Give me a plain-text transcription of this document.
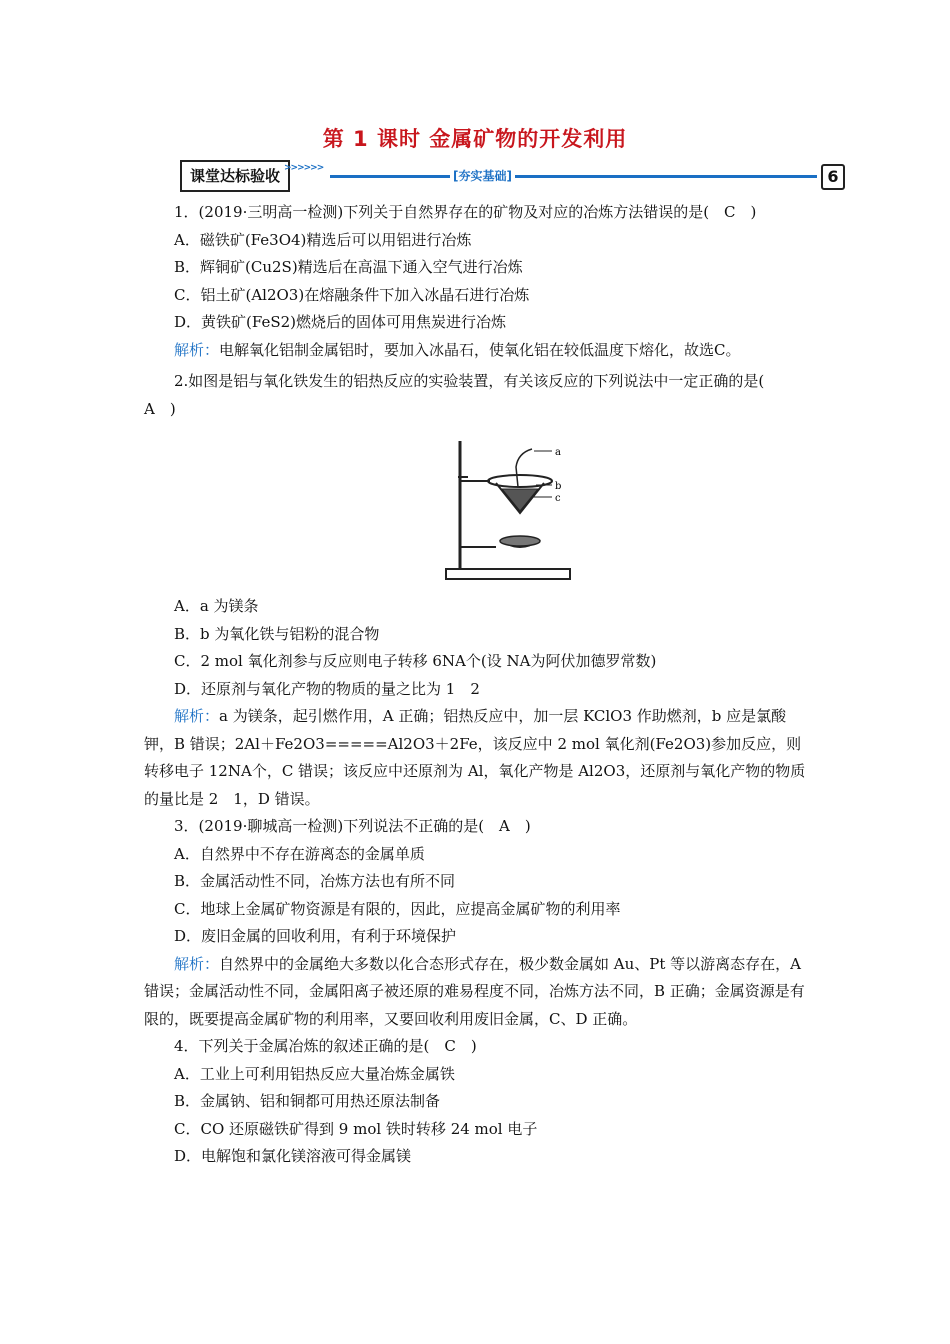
第 1 课时 金属矿物的开发利用
课堂达标验收 >>>>>>
[夯实基础]	6

1．(2019·三明高一检测)下列关于自然界存在的矿物及对应的冶炼方法错误的是(　C　)

A．磁铁矿(Fe3O4)精选后可以用铝进行冶炼

B．辉铜矿(Cu2S)精选后在高温下通入空气进行冶炼

C．铝土矿(Al2O3)在熔融条件下加入冰晶石进行冶炼

D．黄铁矿(FeS2)燃烧后的固体可用焦炭进行冶炼

解析：电解氧化铝制金属铝时，要加入冰晶石，使氧化铝在较低温度下熔化，故选C。

2.如图是铝与氧化铁发生的铝热反应的实验装置，有关该反应的下列说法中一定正确的是(　A　)

a
b
c

A．a 为镁条

B．b 为氧化铁与铝粉的混合物

C．2 mol 氧化剂参与反应则电子转移 6NA个(设 NA为阿伏加德罗常数)

D．还原剂与氧化产物的物质的量之比为 1　2

解析：a 为镁条，起引燃作用，A 正确；铝热反应中，加一层 KClO3 作助燃剂，b 应是氯酸钾，B 错误；2Al＋Fe2O3=====Al2O3＋2Fe，该反应中 2 mol 氧化剂(Fe2O3)参加反应，则转移电子 12NA个，C 错误；该反应中还原剂为 Al，氧化产物是 Al2O3，还原剂与氧化产物的物质的量比是 2　1，D 错误。

3．(2019·聊城高一检测)下列说法不正确的是(　A　)

A．自然界中不存在游离态的金属单质

B．金属活动性不同，冶炼方法也有所不同

C．地球上金属矿物资源是有限的，因此，应提高金属矿物的利用率

D．废旧金属的回收利用，有利于环境保护

解析：自然界中的金属绝大多数以化合态形式存在，极少数金属如 Au、Pt 等以游离态存在，A 错误；金属活动性不同，金属阳离子被还原的难易程度不同，冶炼方法不同，B 正确；金属资源是有限的，既要提高金属矿物的利用率，又要回收利用废旧金属，C、D 正确。

4．下列关于金属冶炼的叙述正确的是(　C　)

A．工业上可利用铝热反应大量冶炼金属铁

B．金属钠、铝和铜都可用热还原法制备

C．CO 还原磁铁矿得到 9 mol 铁时转移 24 mol 电子

D．电解饱和氯化镁溶液可得金属镁
